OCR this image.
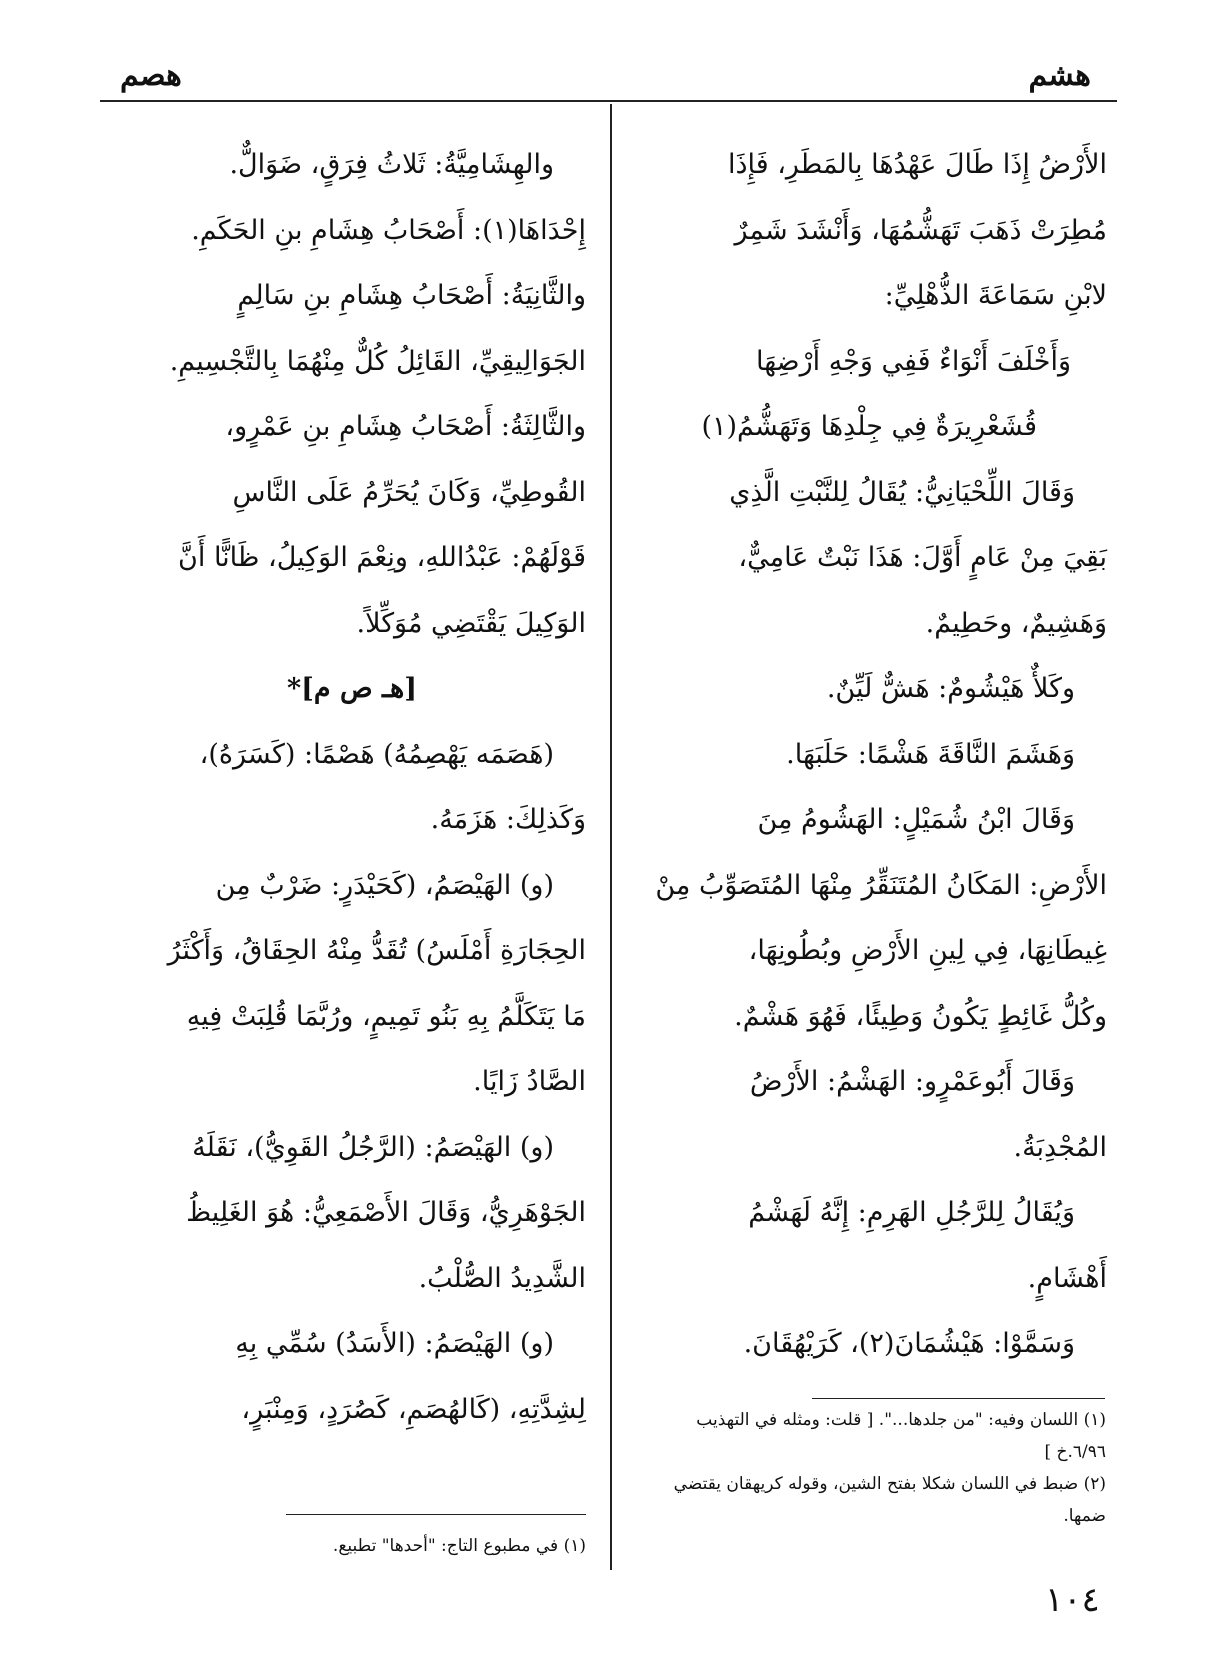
هشم
هصم

الأَرْضُ إِذَا طَالَ عَهْدُهَا بِالمَطَرِ، فَإِذَا

مُطِرَتْ ذَهَبَ تَهَشُّمُهَا، وَأَنْشَدَ شَمِرٌ

لابْنِ سَمَاعَةَ الذُّهْلِيِّ:

وَأَخْلَفَ أَنْوَاءٌ فَفِي وَجْهِ أَرْضِهَا

قُشَعْرِيرَةٌ فِي جِلْدِهَا وَتَهَشُّمُ(١)

وَقَالَ اللِّحْيَانِيُّ: يُقَالُ لِلنَّبْتِ الَّذِي

بَقِيَ مِنْ عَامٍ أَوَّلَ: هَذَا نَبْتٌ عَامِيٌّ،

وَهَشِيمٌ، وحَطِيمٌ.

وكَلأٌ هَيْشُومٌ: هَشٌّ لَيِّنٌ.

وَهَشَمَ النَّاقَةَ هَشْمًا: حَلَبَهَا.

وَقَالَ ابْنُ شُمَيْلٍ: الهَشُومُ مِنَ

الأَرْضِ: المَكَانُ المُتَنَقِّرُ مِنْهَا المُتَصَوِّبُ مِنْ

غِيطَانِهَا، فِي لِينِ الأَرْضِ وبُطُونِهَا،

وكُلُّ غَائِطٍ يَكُونُ وَطِيئًا، فَهُوَ هَشْمٌ.

وَقَالَ أَبُوعَمْرٍو: الهَشْمُ: الأَرْضُ

المُجْدِبَةُ.

وَيُقَالُ لِلرَّجُلِ الهَرِمِ: إِنَّهُ لَهَشْمُ

أَهْشَامٍ.

وَسَمَّوْا: هَيْشُمَانَ(٢)، كَرَيْهُقَانَ.

(١) اللسان وفيه: "من جلدها...". [ قلت: ومثله في التهذيب ٦/٩٦.خ ]

(٢) ضبط في اللسان شكلا بفتح الشين، وقوله كريهقان يقتضي ضمها.

والهِشَامِيَّةُ: ثَلاثُ فِرَقٍ، ضَوَالٌّ.

إِحْدَاهَا(١): أَصْحَابُ هِشَامِ بنِ الحَكَمِ.

والثَّانِيَةُ: أَصْحَابُ هِشَامِ بنِ سَالِمٍ

الجَوَالِيقِيِّ، القَائِلُ كُلٌّ مِنْهُمَا بِالتَّجْسِيمِ.

والثَّالِثَةُ: أَصْحَابُ هِشَامِ بنِ عَمْرٍو،

القُوطِيِّ، وَكَانَ يُحَرِّمُ عَلَى النَّاسِ

قَوْلَهُمْ: عَبْدُاللهِ، ونِعْمَ الوَكِيلُ، ظَانًّا أَنَّ

الوَكِيلَ يَقْتَضِي مُوَكِّلاً.

[هـ ص م]*

(هَصَمَه يَهْصِمُهُ) هَصْمًا: (كَسَرَهُ)،

وَكَذلِكَ: هَزَمَهُ.

(و) الهَيْصَمُ، (كَحَيْدَرٍ: ضَرْبٌ مِن

الحِجَارَةِ أَمْلَسُ) تُقَدُّ مِنْهُ الحِقَاقُ، وَأَكْثَرُ

مَا يَتَكَلَّمُ بِهِ بَنُو تَمِيمٍ، ورُبَّمَا قُلِبَتْ فِيهِ

الصَّادُ زَايًا.

(و) الهَيْصَمُ: (الرَّجُلُ القَوِيُّ)، نَقَلَهُ

الجَوْهَرِيُّ، وَقَالَ الأَصْمَعِيُّ: هُوَ الغَلِيظُ

الشَّدِيدُ الصُّلْبُ.

(و) الهَيْصَمُ: (الأَسَدُ) سُمِّي بِهِ

لِشِدَّتِهِ، (كَالهُصَمِ، كَصُرَدٍ، وَمِنْبَرٍ،

(١) في مطبوع التاج: "أحدها" تطبيع.

١٠٤
